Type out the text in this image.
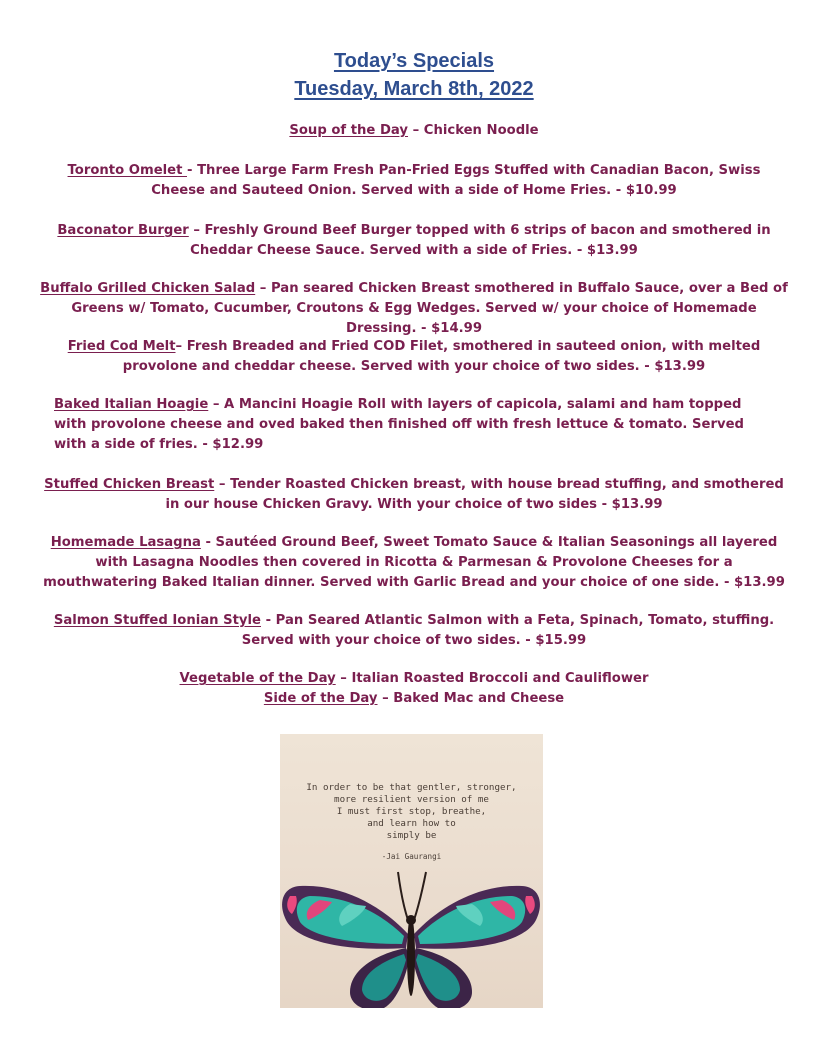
Today’s Specials
Tuesday, March 8th, 2022
Soup of the Day – Chicken Noodle
Toronto Omelet - Three Large Farm Fresh Pan-Fried Eggs Stuffed with Canadian Bacon, Swiss Cheese and Sauteed Onion. Served with a side of Home Fries. - $10.99
Baconator Burger – Freshly Ground Beef Burger topped with 6 strips of bacon and smothered in Cheddar Cheese Sauce. Served with a side of Fries. - $13.99
Buffalo Grilled Chicken Salad – Pan seared Chicken Breast smothered in Buffalo Sauce, over a Bed of Greens w/ Tomato, Cucumber, Croutons & Egg Wedges. Served w/ your choice of Homemade Dressing. - $14.99
Fried Cod Melt– Fresh Breaded and Fried COD Filet, smothered in sauteed onion, with melted provolone and cheddar cheese. Served with your choice of two sides. - $13.99
Baked Italian Hoagie – A Mancini Hoagie Roll with layers of capicola, salami and ham topped with provolone cheese and oved baked then finished off with fresh lettuce & tomato. Served with a side of fries. - $12.99
Stuffed Chicken Breast – Tender Roasted Chicken breast, with house bread stuffing, and smothered in our house Chicken Gravy. With your choice of two sides - $13.99
Homemade Lasagna - Sautéed Ground Beef, Sweet Tomato Sauce & Italian Seasonings all layered with Lasagna Noodles then covered in Ricotta & Parmesan & Provolone Cheeses for a mouthwatering Baked Italian dinner. Served with Garlic Bread and your choice of one side. - $13.99
Salmon Stuffed Ionian Style - Pan Seared Atlantic Salmon with a Feta, Spinach, Tomato, stuffing. Served with your choice of two sides. - $15.99
Vegetable of the Day – Italian Roasted Broccoli and Cauliflower
Side of the Day – Baked Mac and Cheese
In order to be that gentler, stronger,
more resilient version of me
I must first stop, breathe,
and learn how to
simply be
-Jai Gaurangi
